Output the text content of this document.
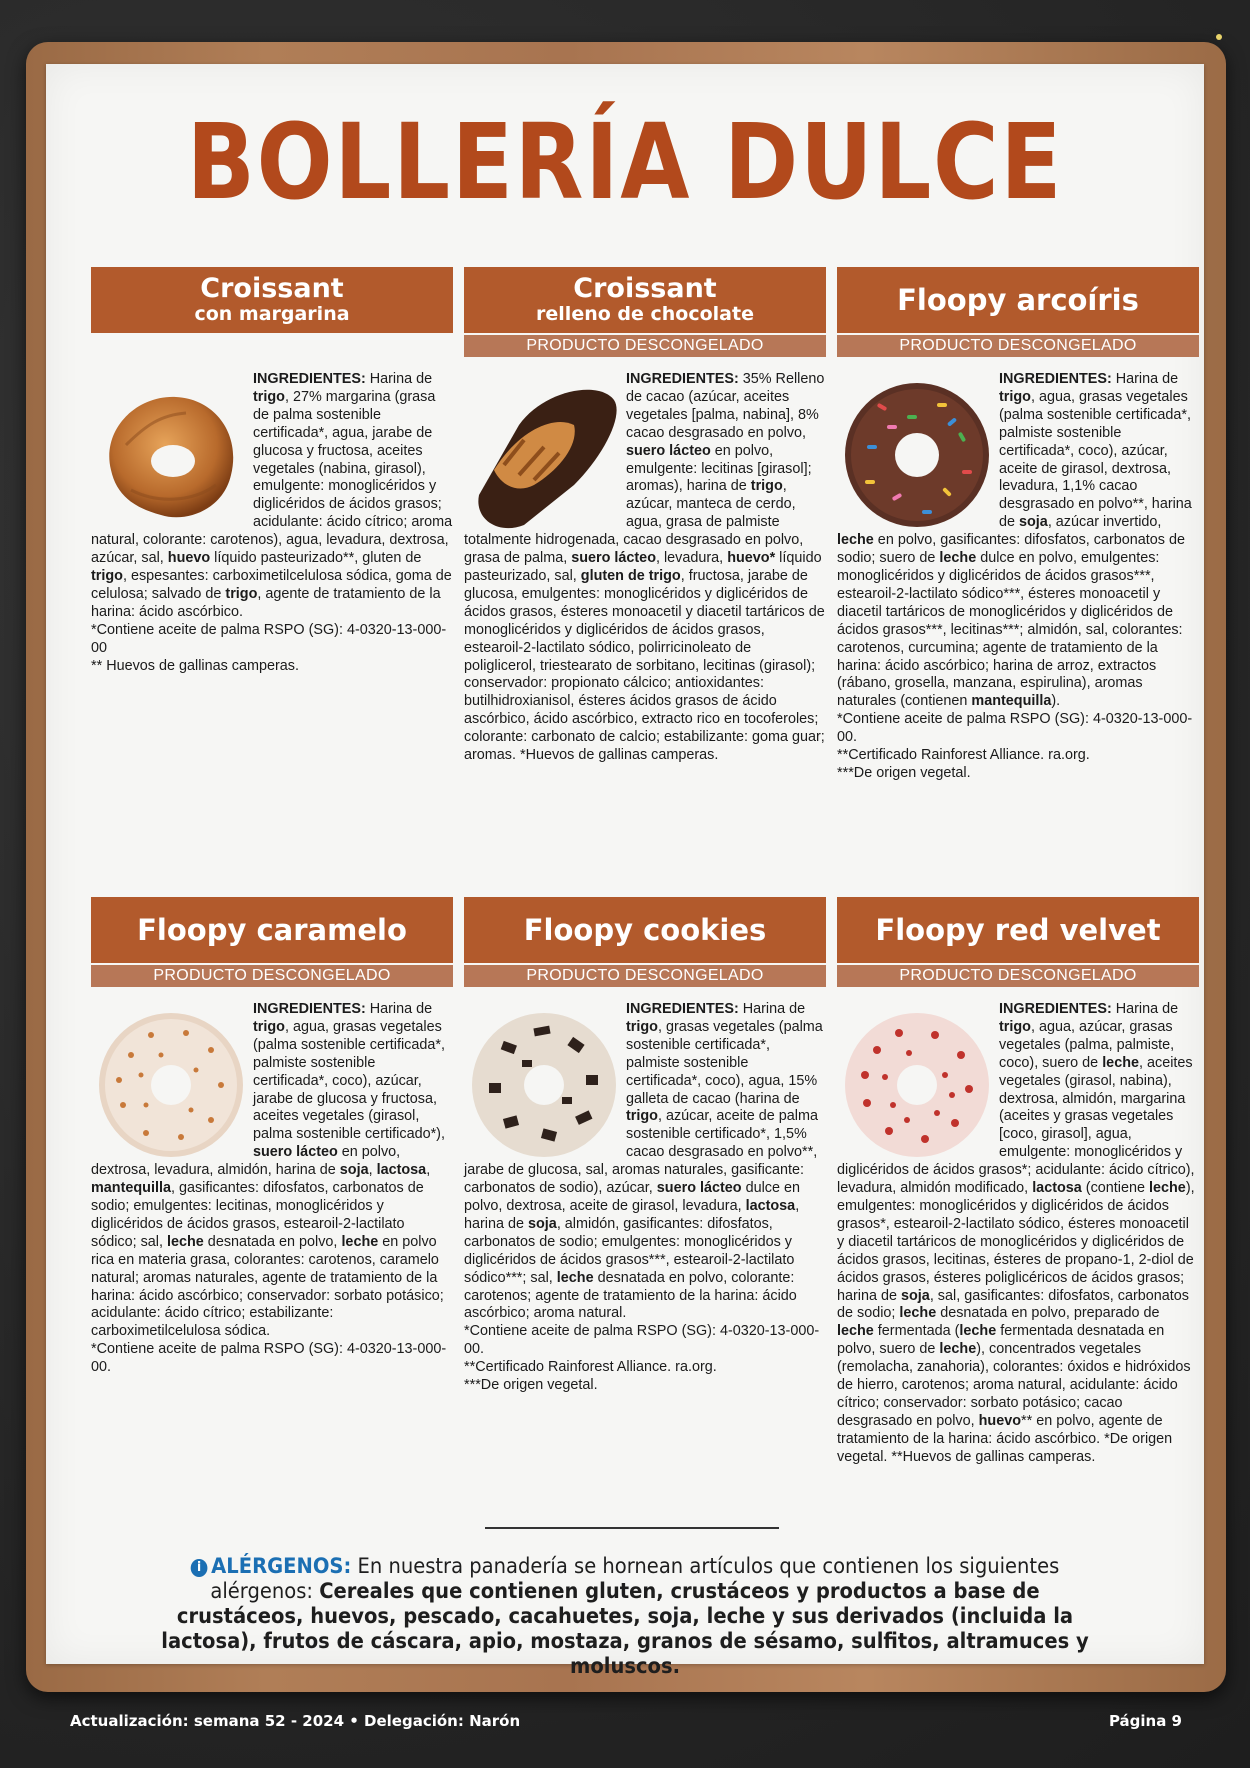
BOLLERÍA DULCE
Croissant
con margarina
INGREDIENTES: Harina de trigo, 27% margarina (grasa de palma sostenible certificada*, agua, jarabe de glucosa y fructosa, aceites vegetales (nabina, girasol), emulgente: monoglicéridos y diglicéridos de ácidos grasos; acidulante: ácido cítrico; aroma natural, colorante: carotenos), agua, levadura, dextrosa, azúcar, sal, huevo líquido pasteurizado**, gluten de trigo, espesantes: carboximetilcelulosa sódica, goma de celulosa; salvado de trigo, agente de tratamiento de la harina: ácido ascórbico.
*Contiene aceite de palma RSPO (SG): 4-0320-13-000-00
** Huevos de gallinas camperas.
Croissant
relleno de chocolate
PRODUCTO DESCONGELADO
INGREDIENTES: 35% Relleno de cacao (azúcar, aceites vegetales [palma, nabina], 8% cacao desgrasado en polvo, suero lácteo en polvo, emulgente: lecitinas [girasol]; aromas), harina de trigo, azúcar, manteca de cerdo, agua, grasa de palmiste totalmente hidrogenada, cacao desgrasado en polvo, grasa de palma, suero lácteo, levadura, huevo* líquido pasteurizado, sal, gluten de trigo, fructosa, jarabe de glucosa, emulgentes: monoglicéridos y diglicéridos de ácidos grasos, ésteres monoacetil y diacetil tartáricos de monoglicéridos y diglicéridos de ácidos grasos, estearoil-2-lactilato sódico, polirricinoleato de poliglicerol, triestearato de sorbitano, lecitinas (girasol); conservador: propionato cálcico; antioxidantes: butilhidroxianisol, ésteres ácidos grasos de ácido ascórbico, ácido ascórbico, extracto rico en tocoferoles; colorante: carbonato de calcio; estabilizante: goma guar; aromas. *Huevos de gallinas camperas.
Floopy arcoíris
PRODUCTO DESCONGELADO
INGREDIENTES: Harina de trigo, agua, grasas vegetales (palma sostenible certificada*, palmiste sostenible certificada*, coco), azúcar, aceite de girasol, dextrosa, levadura, 1,1% cacao desgrasado en polvo**, harina de soja, azúcar invertido, leche en polvo, gasificantes: difosfatos, carbonatos de sodio; suero de leche dulce en polvo, emulgentes: monoglicéridos y diglicéridos de ácidos grasos***, estearoil-2-lactilato sódico***, ésteres monoacetil y diacetil tartáricos de monoglicéridos y diglicéridos de ácidos grasos***, lecitinas***; almidón, sal, colorantes: carotenos, curcumina; agente de tratamiento de la harina: ácido ascórbico; harina de arroz, extractos (rábano, grosella, manzana, espirulina), aromas naturales (contienen mantequilla).
*Contiene aceite de palma RSPO (SG): 4-0320-13-000-00.
**Certificado Rainforest Alliance. ra.org.
***De origen vegetal.
Floopy caramelo
PRODUCTO DESCONGELADO
INGREDIENTES: Harina de trigo, agua, grasas vegetales (palma sostenible certificada*, palmiste sostenible certificada*, coco), azúcar, jarabe de glucosa y fructosa, aceites vegetales (girasol, palma sostenible certificado*), suero lácteo en polvo, dextrosa, levadura, almidón, harina de soja, lactosa, mantequilla, gasificantes: difosfatos, carbonatos de sodio; emulgentes: lecitinas, monoglicéridos y diglicéridos de ácidos grasos, estearoil-2-lactilato sódico; sal, leche desnatada en polvo, leche en polvo rica en materia grasa, colorantes: carotenos, caramelo natural; aromas naturales, agente de tratamiento de la harina: ácido ascórbico; conservador: sorbato potásico; acidulante: ácido cítrico; estabilizante: carboximetilcelulosa sódica.
*Contiene aceite de palma RSPO (SG): 4-0320-13-000-00.
Floopy cookies
PRODUCTO DESCONGELADO
INGREDIENTES: Harina de trigo, grasas vegetales (palma sostenible certificada*, palmiste sostenible certificada*, coco), agua, 15% galleta de cacao (harina de trigo, azúcar, aceite de palma sostenible certificado*, 1,5% cacao desgrasado en polvo**, jarabe de glucosa, sal, aromas naturales, gasificante: carbonatos de sodio), azúcar, suero lácteo dulce en polvo, dextrosa, aceite de girasol, levadura, lactosa, harina de soja, almidón, gasificantes: difosfatos, carbonatos de sodio; emulgentes: monoglicéridos y diglicéridos de ácidos grasos***, estearoil-2-lactilato sódico***; sal, leche desnatada en polvo, colorante: carotenos; agente de tratamiento de la harina: ácido ascórbico; aroma natural.
*Contiene aceite de palma RSPO (SG): 4-0320-13-000-00.
**Certificado Rainforest Alliance. ra.org.
***De origen vegetal.
Floopy red velvet
PRODUCTO DESCONGELADO
INGREDIENTES: Harina de trigo, agua, azúcar, grasas vegetales (palma, palmiste, coco), suero de leche, aceites vegetales (girasol, nabina), dextrosa, almidón, margarina (aceites y grasas vegetales [coco, girasol], agua, emulgente: monoglicéridos y diglicéridos de ácidos grasos*; acidulante: ácido cítrico), levadura, almidón modificado, lactosa (contiene leche), emulgentes: monoglicéridos y diglicéridos de ácidos grasos*, estearoil-2-lactilato sódico, ésteres monoacetil y diacetil tartáricos de monoglicéridos y diglicéridos de ácidos grasos, lecitinas, ésteres de propano-1, 2-diol de ácidos grasos, ésteres poliglicéricos de ácidos grasos; harina de soja, sal, gasificantes: difosfatos, carbonatos de sodio; leche desnatada en polvo, preparado de leche fermentada (leche fermentada desnatada en polvo, suero de leche), concentrados vegetales (remolacha, zanahoria), colorantes: óxidos e hidróxidos de hierro, carotenos; aroma natural, acidulante: ácido cítrico; conservador: sorbato potásico; cacao desgrasado en polvo, huevo** en polvo, agente de tratamiento de la harina: ácido ascórbico. *De origen vegetal. **Huevos de gallinas camperas.
i ALÉRGENOS: En nuestra panadería se hornean artículos que contienen los siguientes alérgenos: Cereales que contienen gluten, crustáceos y productos a base de crustáceos, huevos, pescado, cacahuetes, soja, leche y sus derivados (incluida la lactosa), frutos de cáscara, apio, mostaza, granos de sésamo, sulfitos, altramuces y moluscos.
Actualización: semana 52 - 2024 • Delegación: Narón	Página 9
